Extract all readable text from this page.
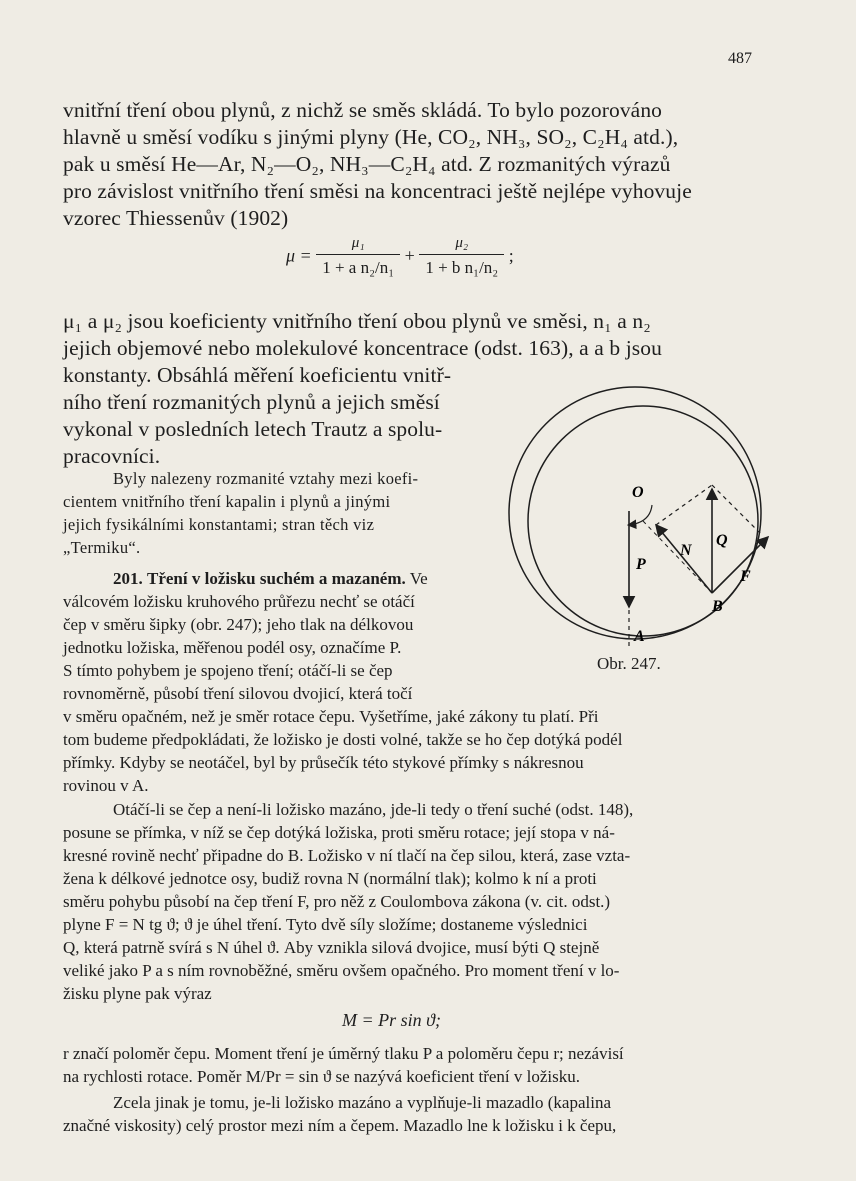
487

vnitřní tření obou plynů, z nichž se směs skládá. To bylo pozorováno

hlavně u směsí vodíku s jinými plyny (He, CO₂, NH₃, SO₂, C₂H₄ atd.),

pak u směsí He—Ar, N₂—O₂, NH₃—C₂H₄ atd. Z rozmanitých výrazů

pro závislost vnitřního tření směsi na koncentraci ještě nejlépe vyhovuje

vzorec Thiessenův (1902)

$\mu = \frac{\text{μ₁}}{\text{1 + a n₂/n₁}} + \frac{\text{μ₂}}{\text{1 + b n₁/n₂}}$ ;

μ₁ a μ₂ jsou koeficienty vnitřního tření obou plynů ve směsi, n₁ a n₂

jejich objemové nebo molekulové koncentrace (odst. 163), a a b jsou

konstanty. Obsáhlá měření koeficientu vnitř-

ního tření rozmanitých plynů a jejich směsí

vykonal v posledních letech Trautz a spolu-

pracovníci.

Byly nalezeny rozmanité vztahy mezi koefi-

cientem vnitřního tření kapalin i plynů a jinými

jejich fysikálními konstantami; stran těch viz

„Termiku“.

201. Tření v ložisku suchém a mazaném. Ve

válcovém ložisku kruhového průřezu nechť se otáčí

čep v směru šipky (obr. 247); jeho tlak na délkovou

jednotku ložiska, měřenou podél osy, označíme P.

S tímto pohybem je spojeno tření; otáčí-li se čep

rovnoměrně, působí tření silovou dvojicí, která točí

v směru opačném, než je směr rotace čepu. Vyšetříme, jaké zákony tu platí. Při

tom budeme předpokládati, že ložisko je dosti volné, takže se ho čep dotýká podél

přímky. Kdyby se neotáčel, byl by průsečík této stykové přímky s nákresnou

rovinou v A.

Otáčí-li se čep a není-li ložisko mazáno, jde-li tedy o tření suché (odst. 148),

posune se přímka, v níž se čep dotýká ložiska, proti směru rotace; její stopa v ná-

kresné rovině nechť připadne do B. Ložisko v ní tlačí na čep silou, která, zase vztа-

žena k délkové jednotce osy, budiž rovna N (normální tlak); kolmo k ní a proti

směru pohybu působí na čep tření F, pro něž z Coulombova zákona (v. cit. odst.)

plyne F = N tg ϑ; ϑ je úhel tření. Tyto dvě síly složíme; dostaneme výslednici

Q, která patrně svírá s N úhel ϑ. Aby vznikla silová dvojice, musí býti Q stejně

veliké jako P a s ním rovnoběžné, směru ovšem opačného. Pro moment tření v lo-

žisku plyne pak výraz

M = Pr sin ϑ;

r značí poloměr čepu. Moment tření je úměrný tlaku P a poloměru čepu r; nezávisí

na rychlosti rotace. Poměr M/Pr = sin ϑ se nazývá koeficient tření v ložisku.

Zcela jinak je tomu, je-li ložisko mazáno a vyplňuje-li mazadlo (kapalina

značné viskosity) celý prostor mezi ním a čepem. Mazadlo lne k ložisku i k čepu,

O
P
N
Q
F
B
A
Obr. 247.
